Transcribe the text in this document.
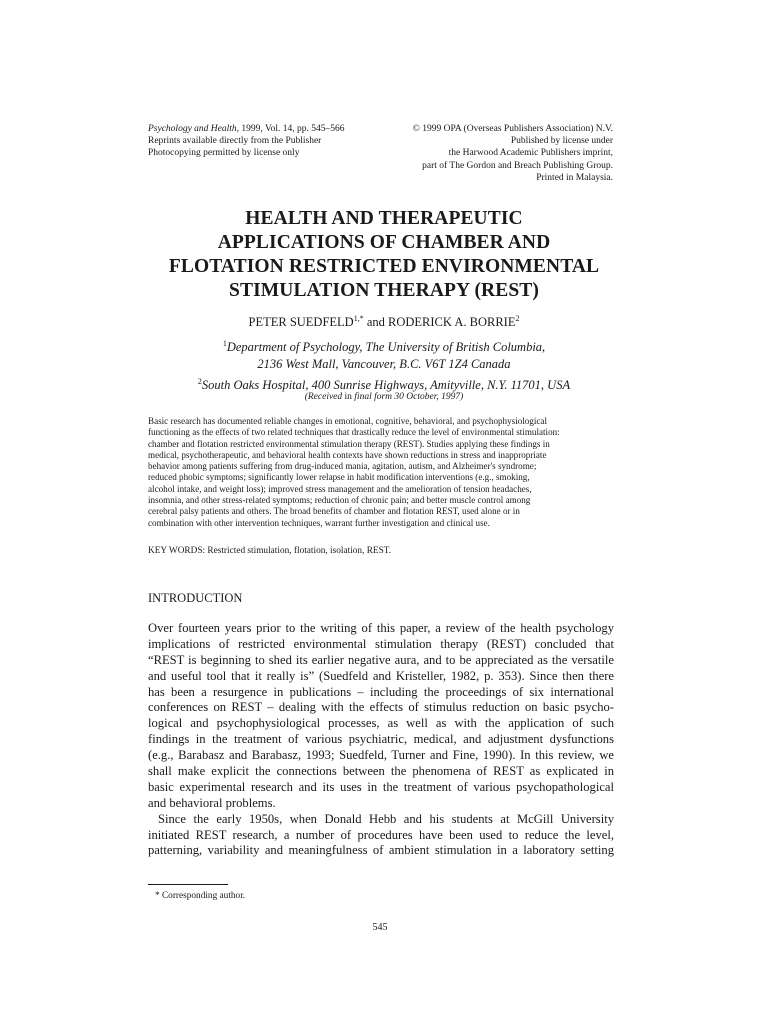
Psychology and Health, 1999, Vol. 14, pp. 545–566
Reprints available directly from the Publisher
Photocopying permitted by license only
© 1999 OPA (Overseas Publishers Association) N.V.
Published by license under
the Harwood Academic Publishers imprint,
part of The Gordon and Breach Publishing Group.
Printed in Malaysia.
HEALTH AND THERAPEUTIC
APPLICATIONS OF CHAMBER AND
FLOTATION RESTRICTED ENVIRONMENTAL
STIMULATION THERAPY (REST)
PETER $SUEDFELD^{1,*}$ and RODERICK A. BORRIE$^2$
$^1$Department of Psychology, The University of British Columbia,
2136 West Mall, Vancouver, B.C. V6T 1Z4 Canada
$^2$South Oaks Hospital, 400 Sunrise Highways, Amityville, N.Y. 11701, USA
(Received in final form 30 October, 1997)
Basic research has documented reliable changes in emotional, cognitive, behavioral, and psychophysiological
functioning as the effects of two related techniques that drastically reduce the level of environmental stimulation:
chamber and flotation restricted environmental stimulation therapy (REST). Studies applying these findings in
medical, psychotherapeutic, and behavioral health contexts have shown reductions in stress and inappropriate
behavior among patients suffering from drug-induced mania, agitation, autism, and Alzheimer's syndrome;
reduced phobic symptoms; significantly lower relapse in habit modification interventions (e.g., smoking,
alcohol intake, and weight loss); improved stress management and the amelioration of tension headaches,
insomnia, and other stress-related symptoms; reduction of chronic pain; and better muscle control among
cerebral palsy patients and others. The broad benefits of chamber and flotation REST, used alone or in
combination with other intervention techniques, warrant further investigation and clinical use.
KEY WORDS: Restricted stimulation, flotation, isolation, REST.
INTRODUCTION
Over fourteen years prior to the writing of this paper, a review of the health psychology
implications of restricted environmental stimulation therapy (REST) concluded that
“REST is beginning to shed its earlier negative aura, and to be appreciated as the versatile
and useful tool that it really is” (Suedfeld and Kristeller, 1982, p. 353). Since then there
has been a resurgence in publications – including the proceedings of six international
conferences on REST – dealing with the effects of stimulus reduction on basic psycho-
logical and psychophysiological processes, as well as with the application of such
findings in the treatment of various psychiatric, medical, and adjustment dysfunctions
(e.g., Barabasz and Barabasz, 1993; Suedfeld, Turner and Fine, 1990). In this review, we
shall make explicit the connections between the phenomena of REST as explicated in
basic experimental research and its uses in the treatment of various psychopathological
and behavioral problems.
Since the early 1950s, when Donald Hebb and his students at McGill University
initiated REST research, a number of procedures have been used to reduce the level,
patterning, variability and meaningfulness of ambient stimulation in a laboratory setting
* Corresponding author.
545
